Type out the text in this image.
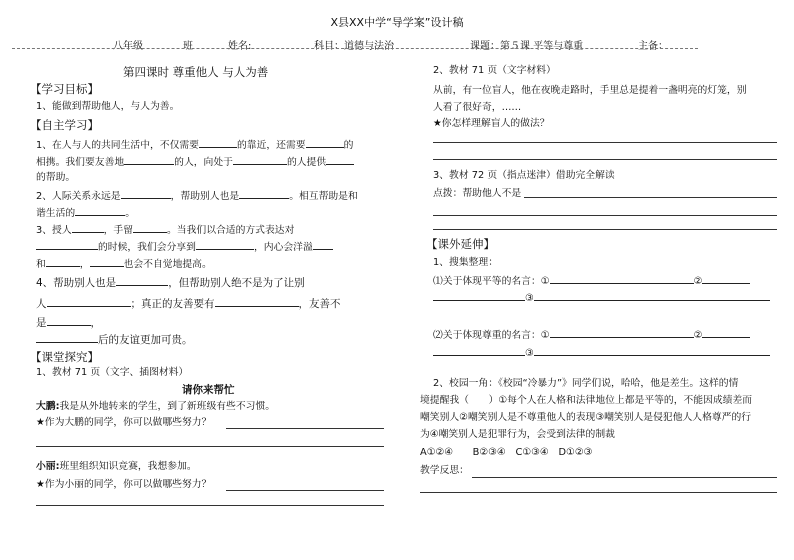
X县XX中学“导学案”设计稿
八年级	班	姓名:	科目：道德与法治	课题：第５课 平等与尊重	主备：
第四课时 尊重他人 与人为善
【学习目标】
1、能做到帮助他人，与人为善。
【自主学习】
1、在人与人的共同生活中，不仅需要	的靠近，还需要	的
相携。我们要友善地	的人，向处于	的人提供
的帮助。
2、人际关系永远是	，帮助别人也是	。相互帮助是和
谐生活的	。
3、授人	，手留	。当我们以合适的方式表达对
的时候，我们会分享到	，内心会洋溢
和	，	也会不自觉地提高。
4、帮助别人也是	，但帮助别人绝不是为了让别
人	；真正的友善要有	，友善不
是	，
后的友谊更加可贵。
【课堂探究】
1、教材 71 页（文字、插图材料）
请你来帮忙
大鹏:我是从外地转来的学生，到了新班级有些不习惯。
★作为大鹏的同学，你可以做哪些努力？
小丽:班里组织知识竞赛，我想参加。
★作为小丽的同学，你可以做哪些努力？
2、教材 71 页（文字材料）
从前，有一位盲人，他在夜晚走路时，手里总是提着一盏明亮的灯笼，别
人看了很好奇，……
★你怎样理解盲人的做法？
3、教材 72 页（指点迷津）借助完全解读
点拨：帮助他人不是
【课外延伸】
1、搜集整理：
⑴关于体现平等的名言：①	②
③
⑵关于体现尊重的名言：①	②
③
2、校园一角：《校园“冷暴力”》同学们说，哈哈，他是差生。这样的情
境提醒我（　　）①每个人在人格和法律地位上都是平等的，不能因成绩差而
嘲笑别人②嘲笑别人是不尊重他人的表现③嘲笑别人是侵犯他人人格尊严的行
为④嘲笑别人是犯罪行为，会受到法律的制裁
A①②④　　B②③④　C①③④　D①②③
教学反思：
